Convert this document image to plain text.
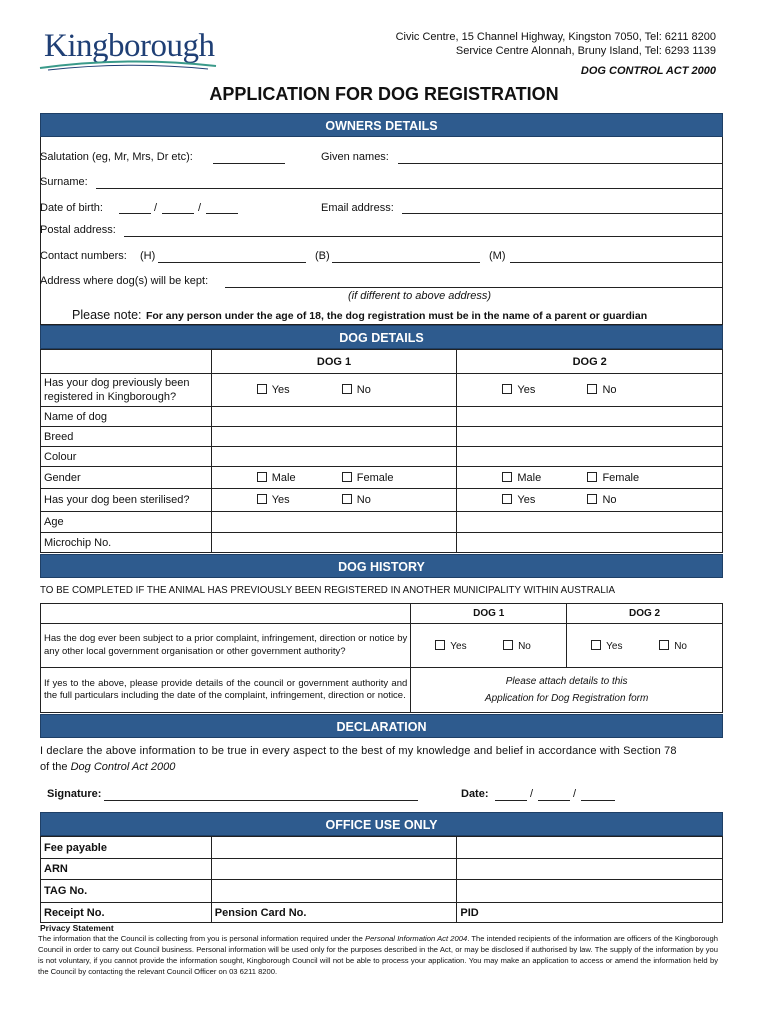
Kingborough	Civic Centre, 15 Channel Highway, Kingston 7050, Tel: 6211 8200
Service Centre Alonnah, Bruny Island, Tel: 6293 1139
DOG CONTROL ACT 2000
APPLICATION FOR DOG REGISTRATION
OWNERS DETAILS
Salutation (eg, Mr, Mrs, Dr etc):	Given names:
Surname:
Date of birth:	/	/	Email address:
Postal address:
Contact numbers: (H)	(B)	(M)
Address where dog(s) will be kept:
(if different to above address)
Please note: For any person under the age of 18, the dog registration must be in the name of a parent or guardian
DOG DETAILS
	DOG 1	DOG 2
Has your dog previously been registered in Kingborough?	Yes No	Yes No
Name of dog		
Breed		
Colour		
Gender	Male Female	Male Female
Has your dog been sterilised?	Yes No	Yes No
Age		
Microchip No.		
DOG HISTORY
TO BE COMPLETED IF THE ANIMAL HAS PREVIOUSLY BEEN REGISTERED IN ANOTHER MUNICIPALITY WITHIN AUSTRALIA
	DOG 1	DOG 2
Has the dog ever been subject to a prior complaint, infringement, direction or notice by any other local government organisation or other government authority?	Yes No	Yes No
If yes to the above, please provide details of the council or government authority and the full particulars including the date of the complaint, infringement, direction or notice.	Please attach details to this
Application for Dog Registration form	
DECLARATION
I declare the above information to be true in every aspect to the best of my knowledge and belief in accordance with Section 78
of the Dog Control Act 2000
Signature:	Date:	/	/
OFFICE USE ONLY
Fee payable		
ARN		
TAG No.		
Receipt No.	Pension Card No.	PID
Privacy Statement
The information that the Council is collecting from you is personal information required under the Personal Information Act 2004. The intended recipients of the information are officers of the Kingborough Council in order to carry out Council business. Personal information will be used only for the purposes described in the Act, or may be disclosed if authorised by law. The supply of the information by you is not voluntary, if you cannot provide the information sought, Kingborough Council will not be able to process your application. You may make an application to access or amend the information held by the Council by contacting the relevant Council Officer on 03 6211 8200.
